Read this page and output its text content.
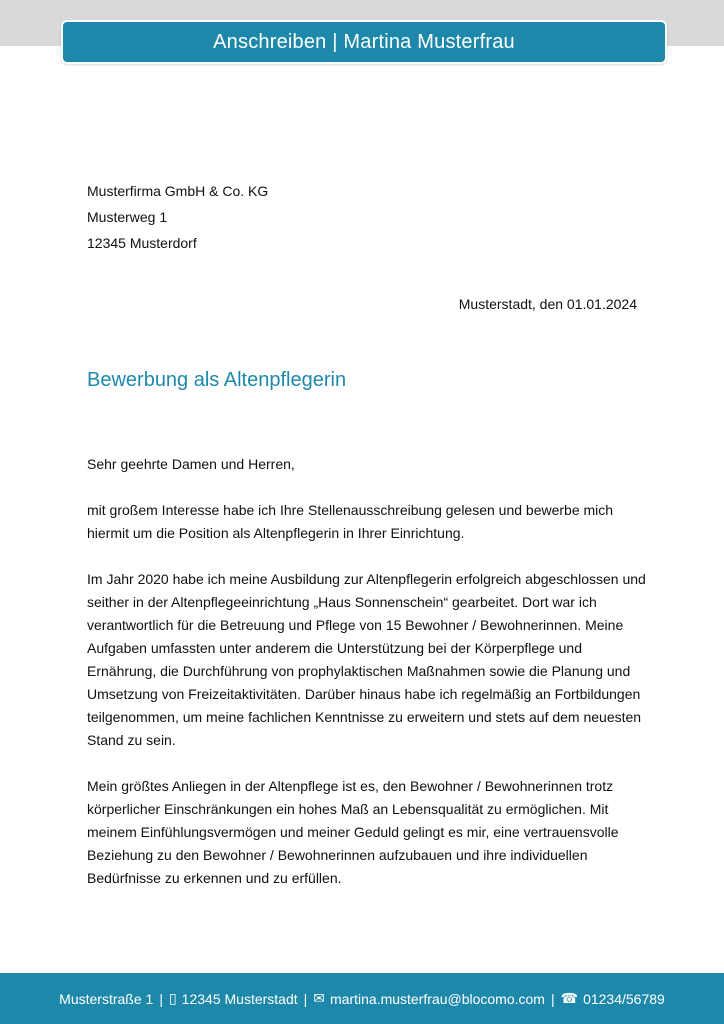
Anschreiben | Martina Musterfrau
Musterfirma GmbH & Co. KG
Musterweg 1
12345 Musterdorf
Musterstadt, den 01.01.2024
Bewerbung als Altenpflegerin

Sehr geehrte Damen und Herren,

mit großem Interesse habe ich Ihre Stellenausschreibung gelesen und bewerbe mich hiermit um die Position als Altenpflegerin in Ihrer Einrichtung.

Im Jahr 2020 habe ich meine Ausbildung zur Altenpflegerin erfolgreich abgeschlossen und seither in der Altenpflegeeinrichtung „Haus Sonnenschein“ gearbeitet. Dort war ich verantwortlich für die Betreuung und Pflege von 15 Bewohner / Bewohnerinnen. Meine Aufgaben umfassten unter anderem die Unterstützung bei der Körperpflege und Ernährung, die Durchführung von prophylaktischen Maßnahmen sowie die Planung und Umsetzung von Freizeitaktivitäten. Darüber hinaus habe ich regelmäßig an Fortbildungen teilgenommen, um meine fachlichen Kenntnisse zu erweitern und stets auf dem neuesten Stand zu sein.

Mein größtes Anliegen in der Altenpflege ist es, den Bewohner / Bewohnerinnen trotz körperlicher Einschränkungen ein hohes Maß an Lebensqualität zu ermöglichen. Mit meinem Einfühlungsvermögen und meiner Geduld gelingt es mir, eine vertrauensvolle Beziehung zu den Bewohner / Bewohnerinnen aufzubauen und ihre individuellen Bedürfnisse zu erkennen und zu erfüllen.

Musterstraße 1 | ▯ 12345 Musterstadt | ✉ martina.musterfrau@blocomo.com | ☎ 01234/56789
